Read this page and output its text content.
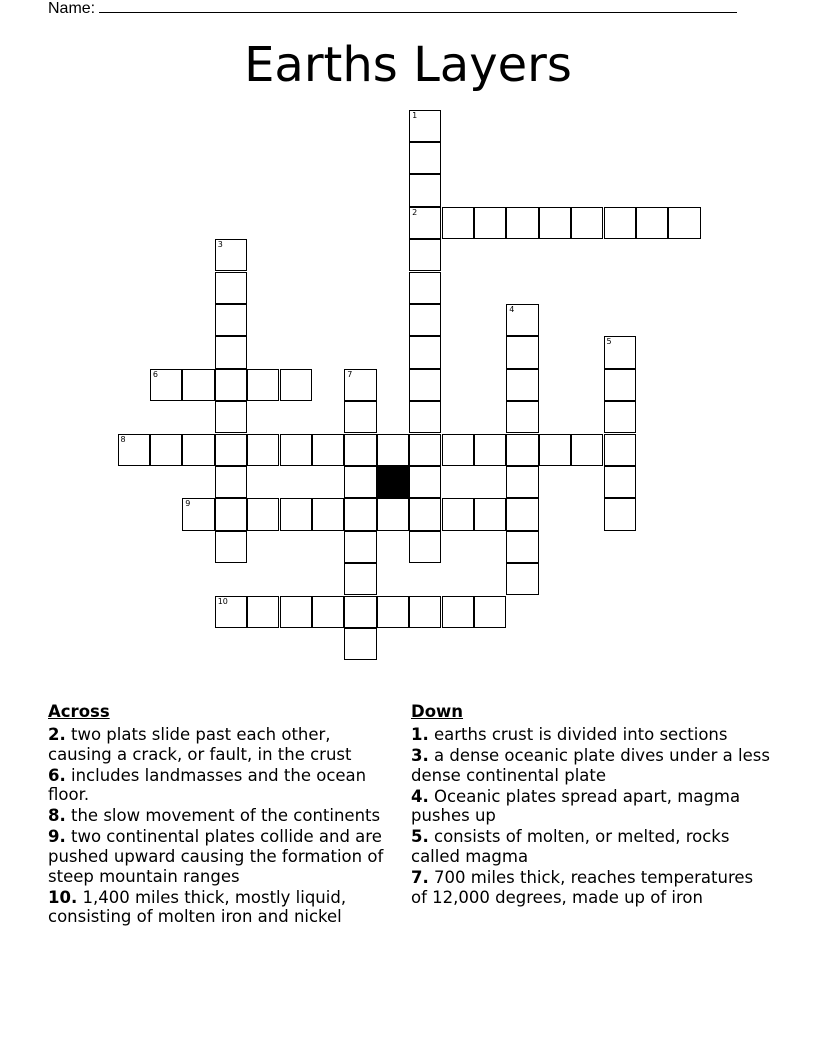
Name:
Earths Layers
1
2
3
4
5
6	7
8
9
10
Across
2. two plats slide past each other, causing a crack, or fault, in the crust
6. includes landmasses and the ocean floor.
8. the slow movement of the continents
9. two continental plates collide and are pushed upward causing the formation of steep mountain ranges
10. 1,400 miles thick, mostly liquid, consisting of molten iron and nickel
Down
1. earths crust is divided into sections
3. a dense oceanic plate dives under a less dense continental plate
4. Oceanic plates spread apart, magma pushes up
5. consists of molten, or melted, rocks called magma
7. 700 miles thick, reaches temperatures of 12,000 degrees, made up of iron
